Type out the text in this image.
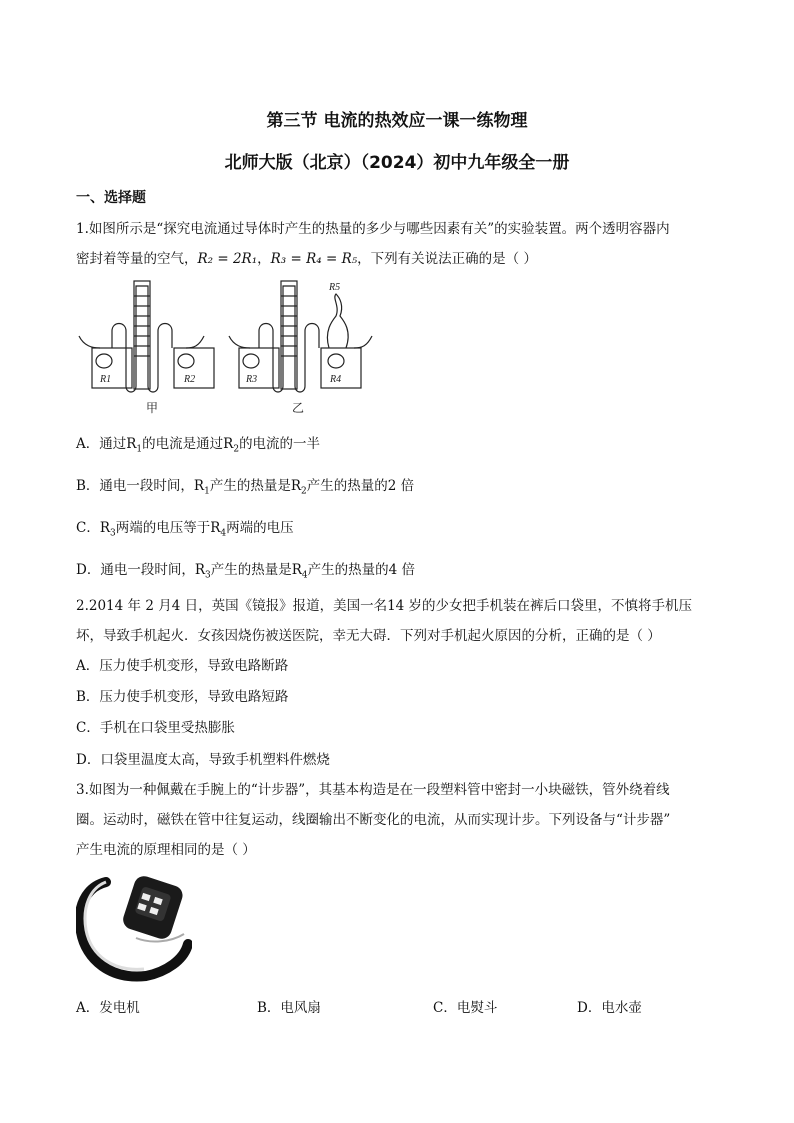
第三节 电流的热效应一课一练物理
北师大版（北京）（2024）初中九年级全一册
一、选择题
1.如图所示是“探究电流通过导体时产生的热量的多少与哪些因素有关”的实验装置。两个透明容器内
密封着等量的空气，R₂ = 2R₁，R₃ = R₄ = R₅，下列有关说法正确的是（ ）
R1	R2	R3	R4
R5
甲	乙
A．通过$R_1$的电流是通过$R_2$的电流的一半
B．通电一段时间，$R_1$产生的热量是$R_2$产生的热量的2 倍
C．$R_3$两端的电压等于$R_4$两端的电压
D．通电一段时间，$R_3$产生的热量是$R_4$产生的热量的4 倍
2.2014 年 2 月4 日，英国《镜报》报道，美国一名14 岁的少女把手机装在裤后口袋里，不慎将手机压
坏，导致手机起火．女孩因烧伤被送医院，幸无大碍．下列对手机起火原因的分析，正确的是（ ）
A．压力使手机变形，导致电路断路
B．压力使手机变形，导致电路短路
C．手机在口袋里受热膨胀
D．口袋里温度太高，导致手机塑料件燃烧
3.如图为一种佩戴在手腕上的“计步器”，其基本构造是在一段塑料管中密封一小块磁铁，管外绕着线
圈。运动时，磁铁在管中往复运动，线圈输出不断变化的电流，从而实现计步。下列设备与“计步器”
产生电流的原理相同的是（ ）
A．发电机	B．电风扇	C．电熨斗	D．电水壶
